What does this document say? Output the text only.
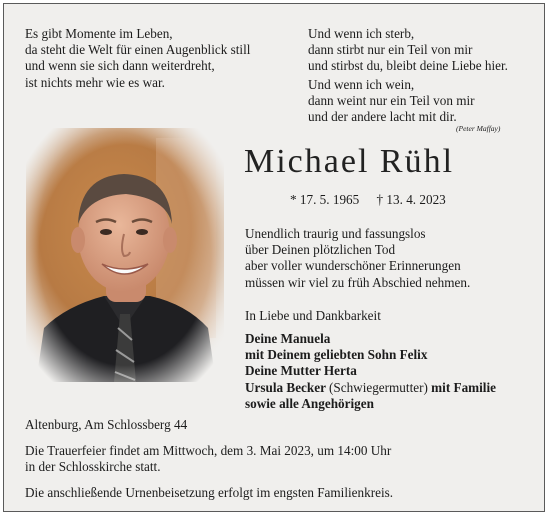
Es gibt Momente im Leben,
da steht die Welt für einen Augenblick still
und wenn sie sich dann weiterdreht,
ist nichts mehr wie es war.
Und wenn ich sterb,
dann stirbt nur ein Teil von mir
und stirbst du, bleibt deine Liebe hier.
Und wenn ich wein,
dann weint nur ein Teil von mir
und der andere lacht mit dir.
(Peter Maffay)
Michael Rühl
* 17. 5. 1965 † 13. 4. 2023
Unendlich traurig und fassungslos
über Deinen plötzlichen Tod
aber voller wunderschöner Erinnerungen
müssen wir viel zu früh Abschied nehmen.
In Liebe und Dankbarkeit
Deine Manuela
mit Deinem geliebten Sohn Felix
Deine Mutter Herta
Ursula Becker (Schwiegermutter) mit Familie
sowie alle Angehörigen
Altenburg, Am Schlossberg 44
Die Trauerfeier findet am Mittwoch, dem 3. Mai 2023, um 14:00 Uhr
in der Schlosskirche statt.
Die anschließende Urnenbeisetzung erfolgt im engsten Familienkreis.
